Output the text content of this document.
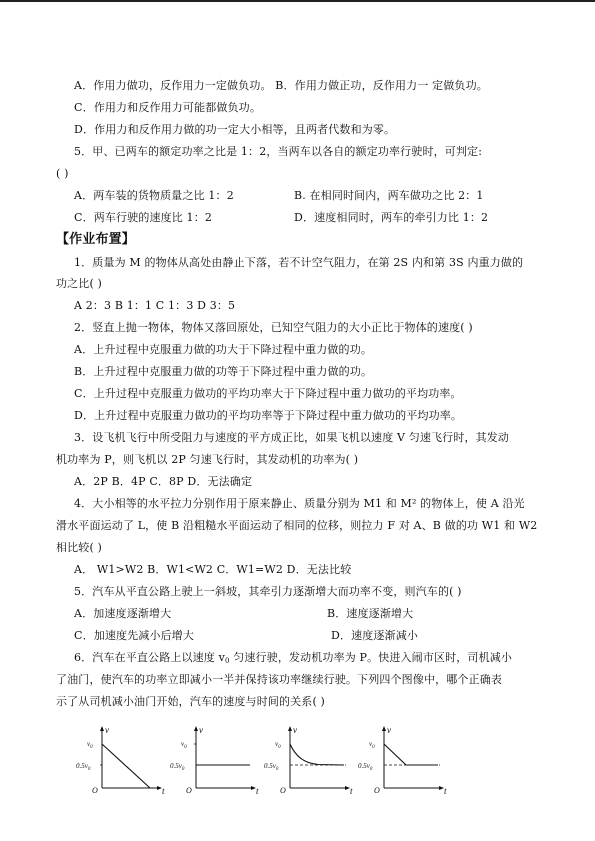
A．作用力做功，反作用力一定做负功。 B．作用力做正功，反作用力一 定做负功。
C．作用力和反作用力可能都做负功。
D．作用力和反作用力做的功一定大小相等，且两者代数和为零。
5．甲、已两车的额定功率之比是 1：2，当两车以各自的额定功率行驶时，可判定:
( )
A．两车装的货物质量之比 1：2	B. 在相同时间内，两车做功之比 2：1
C．两车行驶的速度比 1：2	D．速度相同时，两车的牵引力比 1：2
【作业布置】
1．质量为 M 的物体从高处由静止下落，若不计空气阻力，在第 2S 内和第 3S 内重力做的
功之比( )
A 2：3 B 1：1 C 1：3 D 3：5
2．竖直上抛一物体，物体又落回原处，已知空气阻力的大小正比于物体的速度( )
A．上升过程中克服重力做的功大于下降过程中重力做的功。
B．上升过程中克服重力做的功等于下降过程中重力做的功。
C．上升过程中克服重力做功的平均功率大于下降过程中重力做功的平均功率。
D．上升过程中克服重力做功的平均功率等于下降过程中重力做功的平均功率。
3．设飞机飞行中所受阻力与速度的平方成正比，如果飞机以速度 V 匀速飞行时，其发动
机功率为 P，则飞机以 2P 匀速飞行时，其发动机的功率为( )
A．2P B．4P C．8P D．无法确定
4．大小相等的水平拉力分别作用于原来静止、质量分别为 M1 和 M² 的物体上，使 A 沿光
滑水平面运动了 L，使 B 沿粗糙水平面运动了相同的位移，则拉力 F 对 A、B 做的功 W1 和 W2
相比较( )
A． W1>W2 B．W1<W2 C．W1=W2 D．无法比较
5．汽车从平直公路上驶上一斜坡，其牵引力逐渐增大而功率不变，则汽车的( )
A．加速度逐渐增大	B．速度逐渐增大
C．加速度先减小后增大	D．速度逐渐减小
6．汽车在平直公路上以速度 $v_0$ 匀速行驶，发动机功率为 P。快进入闹市区时，司机减小
了油门，使汽车的功率立即减小一半并保持该功率继续行驶。下列四个图像中，哪个正确表
示了从司机减小油门开始，汽车的速度与时间的关系( )
v
t
O
$v_0$
$0.5v_0$
v
t
O
$v_0$
$0.5v_0$
v
t
O
$v_0$
$0.5v_0$
v
t
O
$v_0$
$0.5v_0$
